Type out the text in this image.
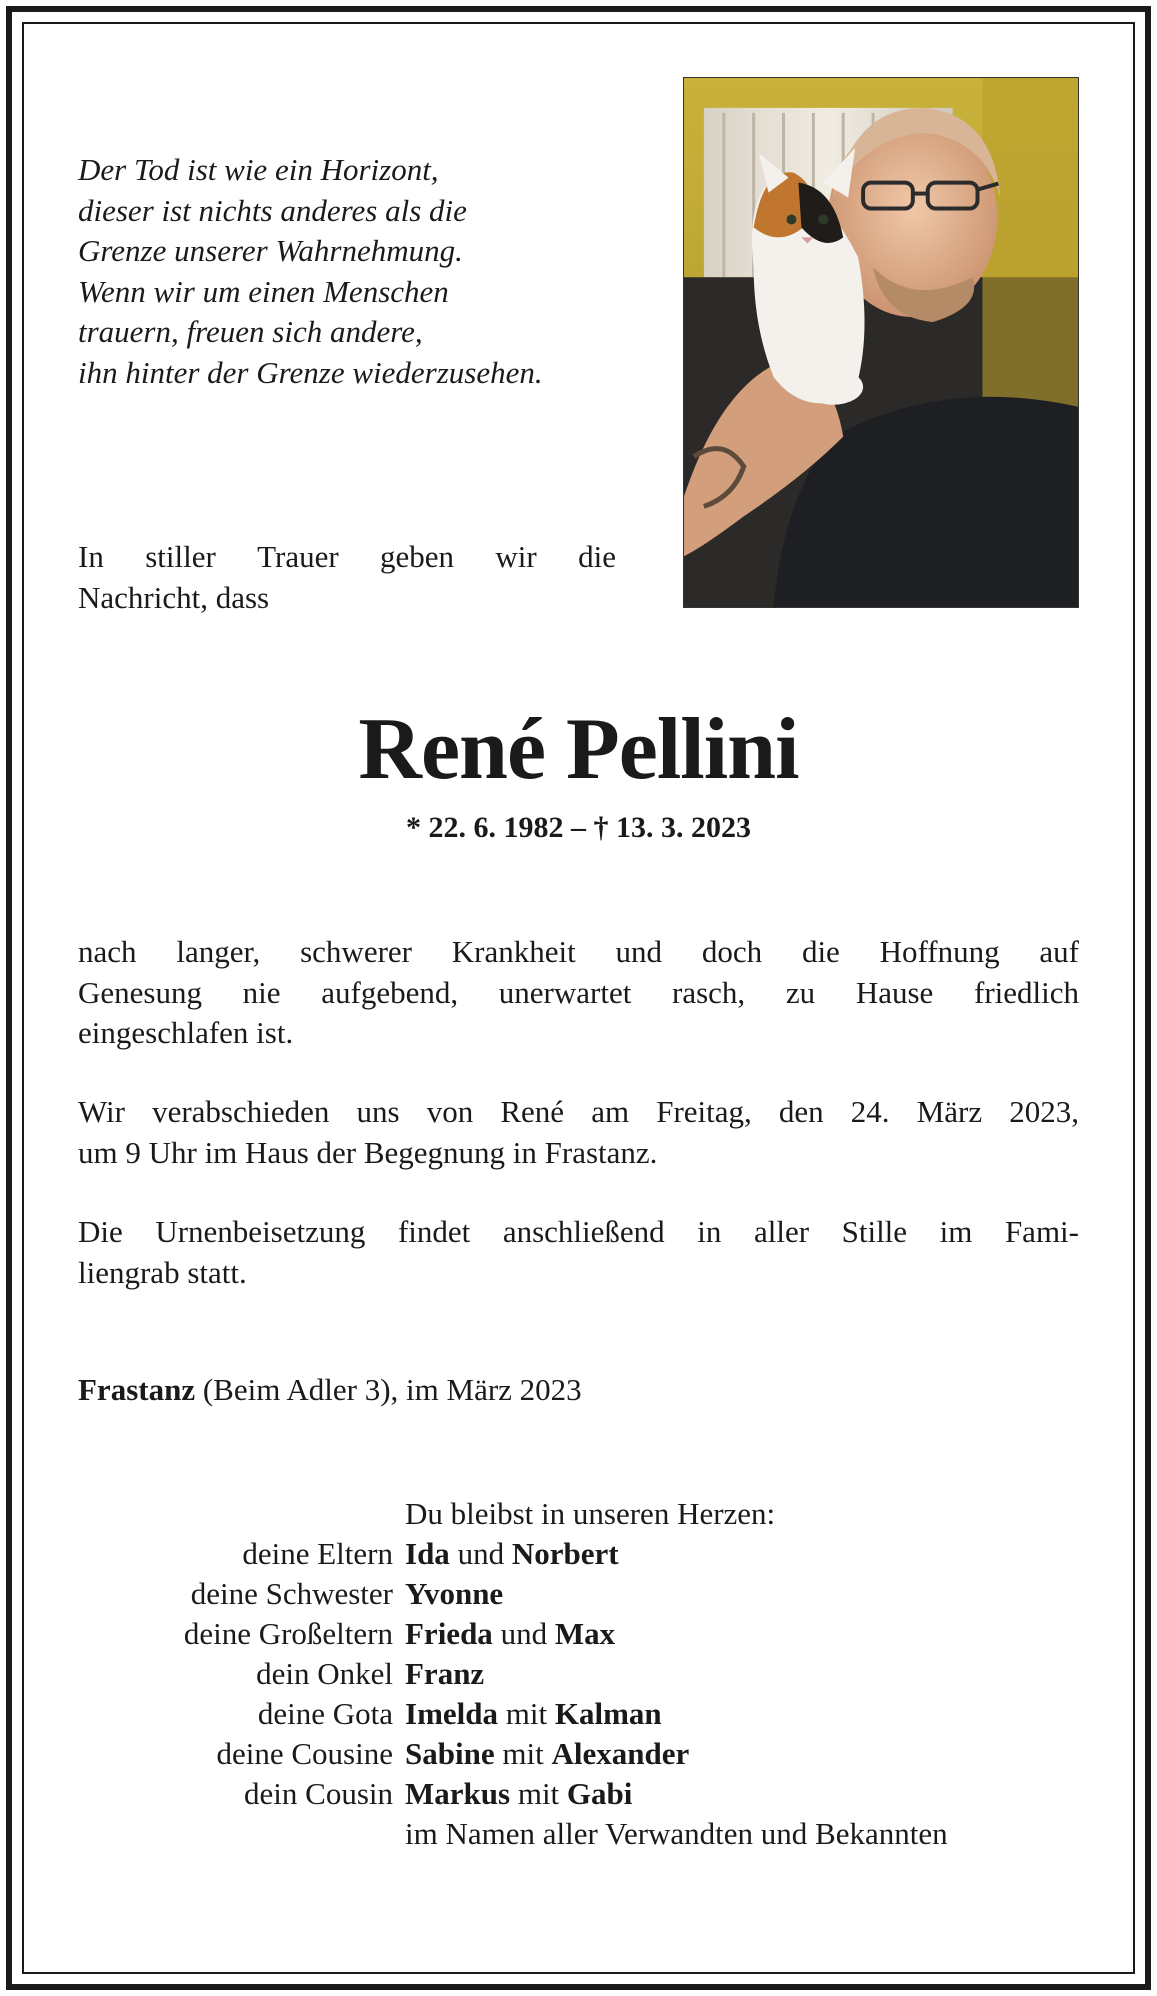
Der Tod ist wie ein Horizont,
dieser ist nichts anderes als die
Grenze unserer Wahrnehmung.
Wenn wir um einen Menschen
trauern, freuen sich andere,
ihn hinter der Grenze wiederzusehen.
In stiller Trauer geben wir die
Nachricht, dass
René Pellini
* 22. 6. 1982 – † 13. 3. 2023
nach langer, schwerer Krankheit und doch die Hoffnung auf
Genesung nie aufgebend, unerwartet rasch, zu Hause friedlich
eingeschlafen ist.
Wir verabschieden uns von René am Freitag, den 24. März 2023,
um 9 Uhr im Haus der Begegnung in Frastanz.
Die Urnenbeisetzung findet anschließend in aller Stille im Fami-
liengrab statt.
Frastanz (Beim Adler 3), im März 2023
Du bleibst in unseren Herzen:
deine Eltern Ida und Norbert
deine Schwester Yvonne
deine Großeltern Frieda und Max
dein Onkel Franz
deine Gota Imelda mit Kalman
deine Cousine Sabine mit Alexander
dein Cousin Markus mit Gabi
im Namen aller Verwandten und Bekannten
